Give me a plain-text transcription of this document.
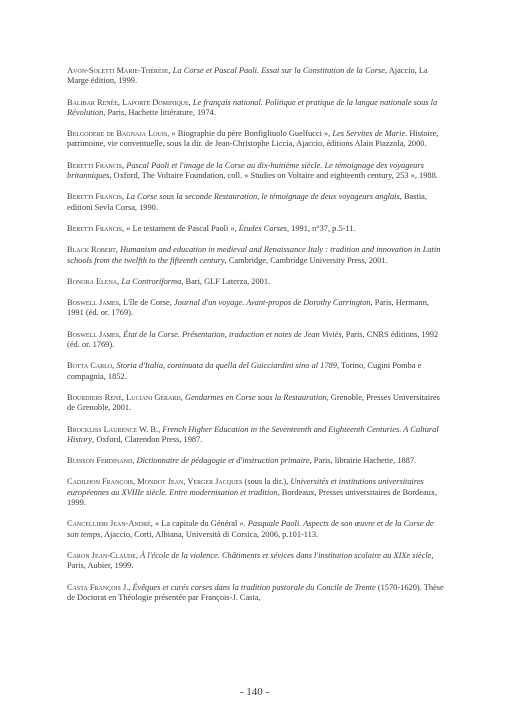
Avon-Soletti Marie-Thérèse, La Corse et Pascal Paoli. Essai sur la Constitution de la Corse, Ajaccio, La Marge édition, 1999.

Balibar Renée, Laporte Dominique, Le français national. Politique et pratique de la langue nationale sous la Révolution, Paris, Hachette littérature, 1974.

Belgodere de Bagnaja Louis, « Biographie du père Bonfigliuolo Guelfucci », Les Servites de Marie. Histoire, patrimoine, vie conventuelle, sous la dir. de Jean-Christophe Liccia, Ajaccio, éditions Alain Piazzola, 2000.

Beretti Francis, Pascal Paoli et l'image de la Corse au dix-huitième siècle. Le témoignage des voyageurs britanniques, Oxford, The Voltaire Foundation, coll. « Studies on Voltaire and eighteenth century, 253 », 1988.

Beretti Francis, La Corse sous la seconde Restauration, le témoignage de deux voyageurs anglais, Bastia, editioni Sevla Corsa, 1990.

Beretti Francis, « Le testament de Pascal Paoli », Études Corses, 1991, n°37, p.5-11.

Black Robert, Humanism and education in medieval and Renaissance Italy : tradition and innovation in Latin schools from the twelfth to the fifteenth century, Cambridge, Cambridge University Press, 2001.

Bonora Elena, La Controriforma, Bari, GLF Laterza, 2001.

Boswell James, L'île de Corse, Journal d'un voyage. Avant-propos de Dorothy Carrington, Paris, Hermann, 1991 (éd. or. 1769).

Boswell James, État de la Corse. Présentation, traduction et notes de Jean Viviès, Paris, CNRS éditions, 1992 (éd. or. 1769).

Botta Carlo, Storia d'Italia, continuata da quella del Guicciardini sino al 1789, Torino, Cugini Pomba e compagnia, 1852.

Bourdiers René, Luciani Gérard, Gendarmes en Corse sous la Restauration, Grenoble, Presses Universitaires de Grenoble, 2001.

Brockliss Laurence W. B., French Higher Education in the Seventeenth and Eighteenth Centuries. A Cultural History, Oxford, Clarendon Press, 1987.

Buisson Ferdinand, Dictionnaire de pédagogie et d'instruction primaire, Paris, librairie Hachette, 1887.

Cadilhon François, Mondot Jean, Verger Jacques (sous la dir.), Universités et institutions universitaires européennes au XVIIIe siècle. Entre modernisation et tradition, Bordeaux, Presses universitaires de Bordeaux, 1999.

Cancellieri Jean-André, « La capitale du Général ». Pasquale Paoli. Aspects de son œuvre et de la Corse de son temps, Ajaccio, Corti, Albiana, Università di Corsica, 2006, p.101-113.

Caron Jean-Claude, À l'école de la violence. Châtiments et sévices dans l'institution scolaire au XIXe siècle, Paris, Aubier, 1999.

Casta François J., Évêques et curés corses dans la tradition pastorale du Concile de Trente (1570-1620). Thèse de Doctorat en Théologie présentée par François-J. Casta,

- 140 -
